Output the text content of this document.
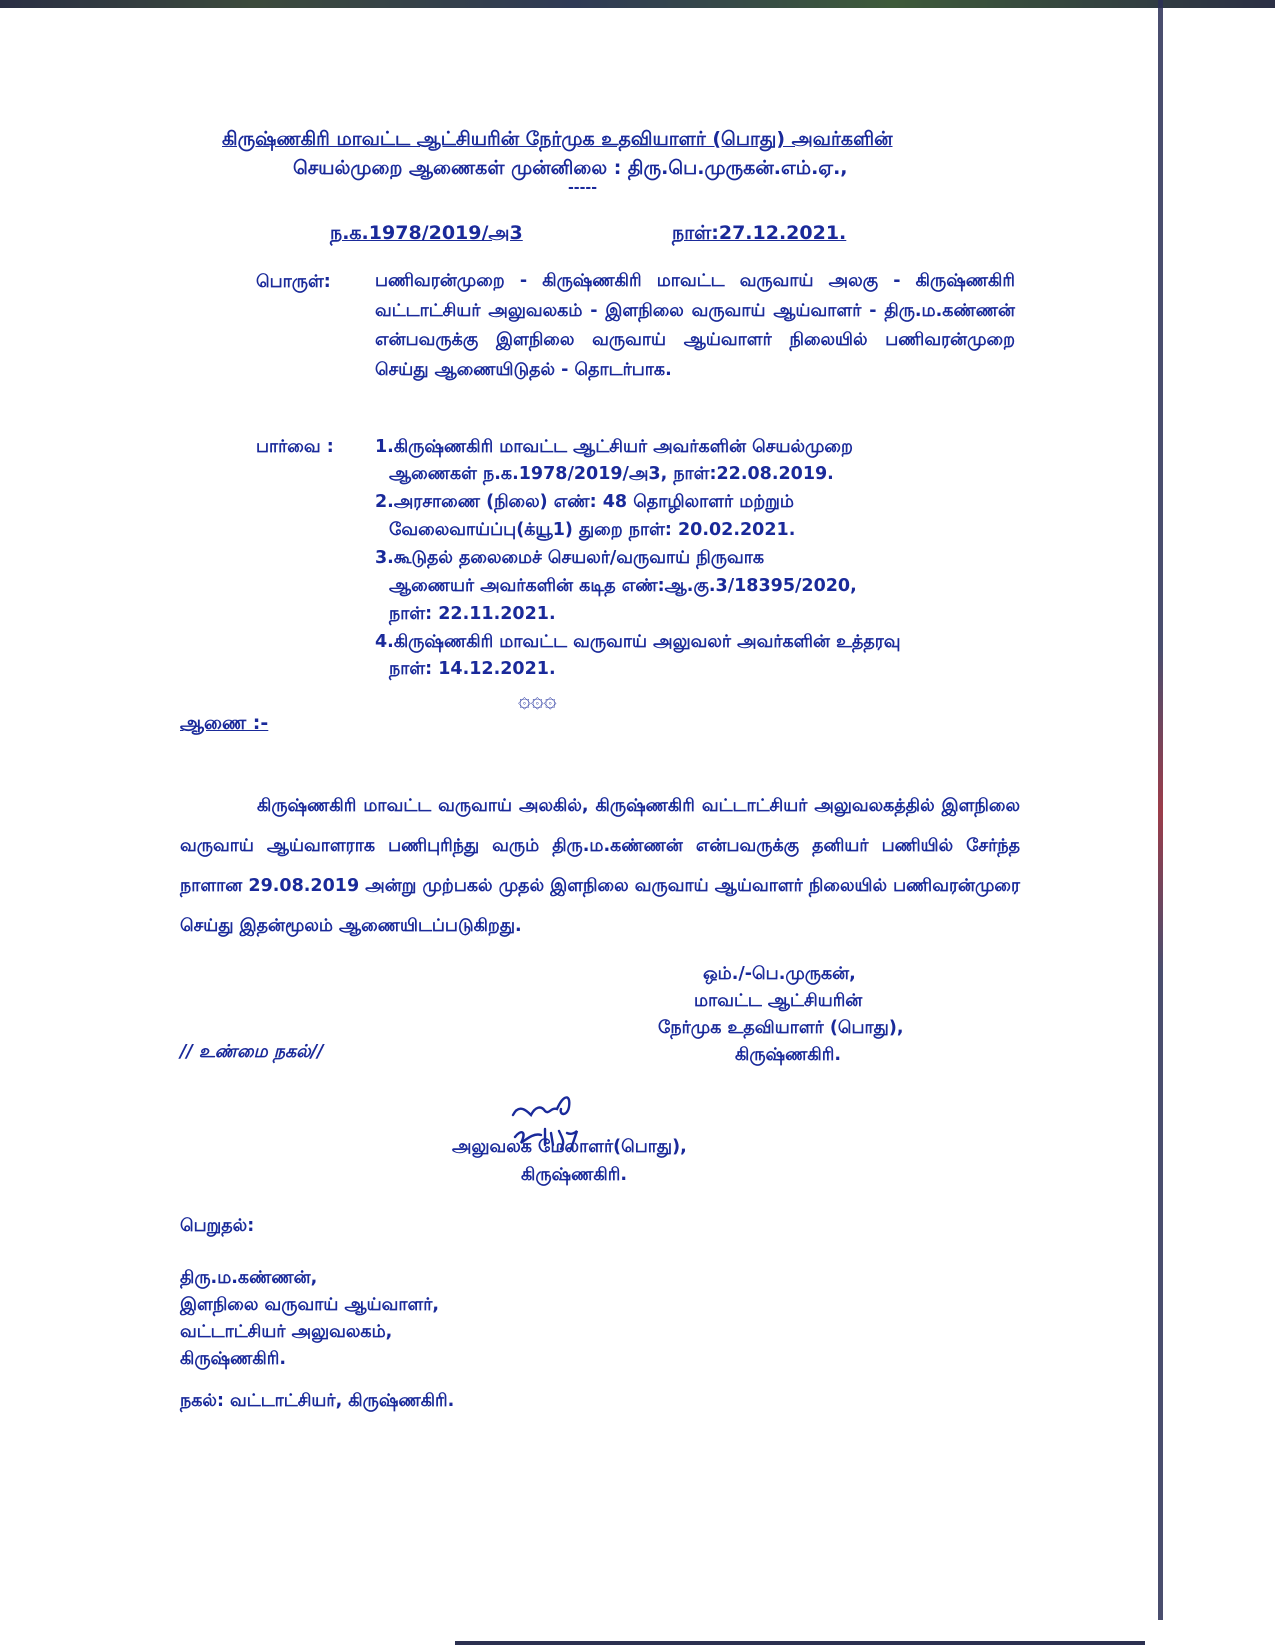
கிருஷ்ணகிரி மாவட்ட ஆட்சியரின் நேர்முக உதவியாளர் (பொது) அவர்களின்
செயல்முறை ஆணைகள் முன்னிலை : திரு.பெ.முருகன்.எம்.ஏ.,
-----
ந.க.1978/2019/அ3	நாள்:27.12.2021.
பொருள்:	பணிவரன்முறை - கிருஷ்ணகிரி மாவட்ட வருவாய் அலகு - கிருஷ்ணகிரி வட்டாட்சியர் அலுவலகம் - இளநிலை வருவாய் ஆய்வாளர் - திரு.ம.கண்ணன் என்பவருக்கு இளநிலை வருவாய் ஆய்வாளர் நிலையில் பணிவரன்முறை செய்து ஆணையிடுதல் - தொடர்பாக.
பார்வை : 1.கிருஷ்ணகிரி மாவட்ட ஆட்சியர் அவர்களின் செயல்முறை
ஆணைகள் ந.க.1978/2019/அ3, நாள்:22.08.2019.
2.அரசாணை (நிலை) எண்: 48 தொழிலாளர் மற்றும்
வேலைவாய்ப்பு(க்யூ1) துறை நாள்: 20.02.2021.
3.கூடுதல் தலைமைச் செயலர்/வருவாய் நிருவாக
ஆணையர் அவர்களின் கடித எண்:ஆ.கு.3/18395/2020,
நாள்: 22.11.2021.
4.கிருஷ்ணகிரி மாவட்ட வருவாய் அலுவலர் அவர்களின் உத்தரவு
நாள்: 14.12.2021.
۞۞۞
ஆணை :-
கிருஷ்ணகிரி மாவட்ட வருவாய் அலகில், கிருஷ்ணகிரி வட்டாட்சியர் அலுவலகத்தில் இளநிலை வருவாய் ஆய்வாளராக பணிபுரிந்து வரும் திரு.ம.கண்ணன் என்பவருக்கு தனியர் பணியில் சேர்ந்த நாளான 29.08.2019 அன்று முற்பகல் முதல் இளநிலை வருவாய் ஆய்வாளர் நிலையில் பணிவரன்முரை செய்து இதன்மூலம் ஆணையிடப்படுகிறது.
ஒம்./-பெ.முருகன்,
மாவட்ட ஆட்சியரின்
நேர்முக உதவியாளர் (பொது),
கிருஷ்ணகிரி.
// உண்மை நகல்//
அலுவலக மேலாளர்(பொது),
கிருஷ்ணகிரி.
பெறுதல்:
திரு.ம.கண்ணன்,
இளநிலை வருவாய் ஆய்வாளர்,
வட்டாட்சியர் அலுவலகம்,
கிருஷ்ணகிரி.
நகல்: வட்டாட்சியர், கிருஷ்ணகிரி.
